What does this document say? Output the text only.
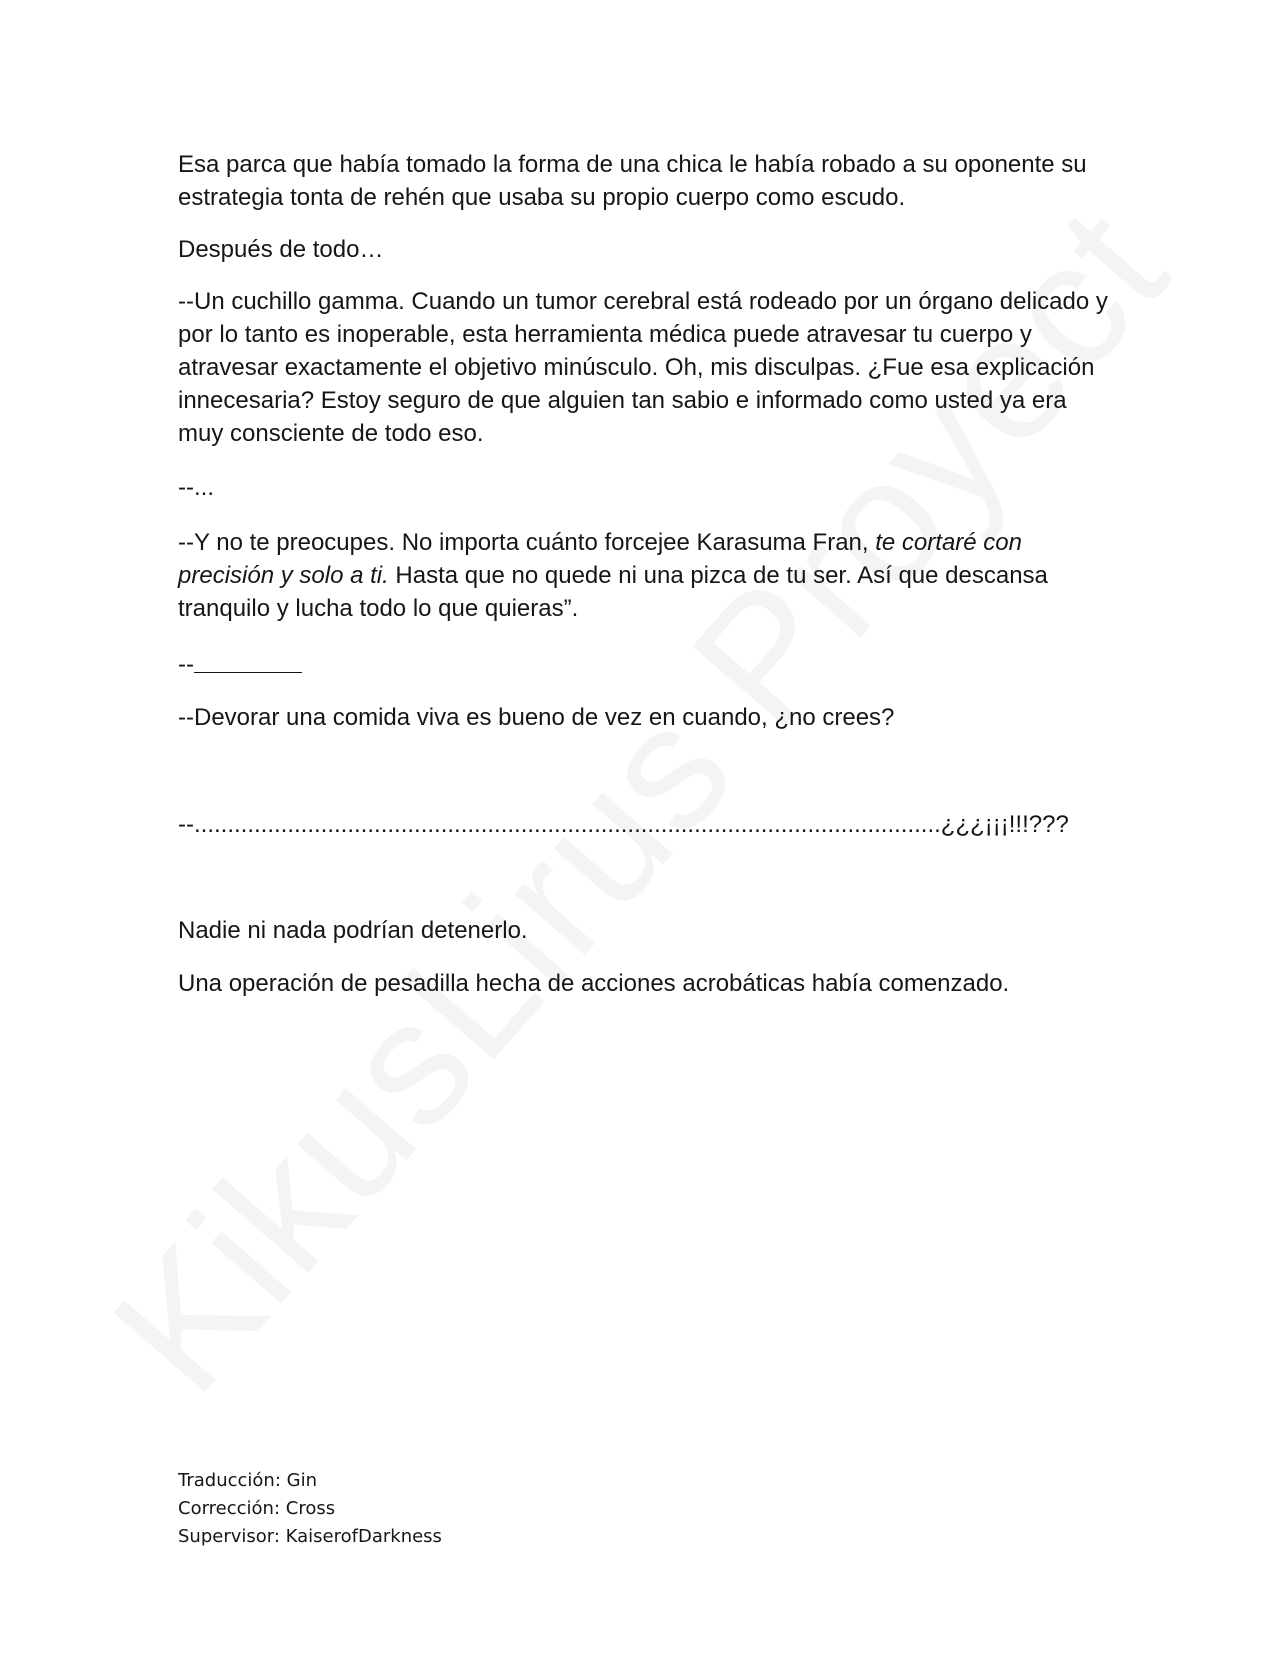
Esa parca que había tomado la forma de una chica le había robado a su oponente su estrategia tonta de rehén que usaba su propio cuerpo como escudo.

Después de todo…

--Un cuchillo gamma. Cuando un tumor cerebral está rodeado por un órgano delicado y por lo tanto es inoperable, esta herramienta médica puede atravesar tu cuerpo y atravesar exactamente el objetivo minúsculo. Oh, mis disculpas. ¿Fue esa explicación innecesaria? Estoy seguro de que alguien tan sabio e informado como usted ya era muy consciente de todo eso.

--...

--Y no te preocupes. No importa cuánto forcejee Karasuma Fran, te cortaré con precisión y solo a ti. Hasta que no quede ni una pizca de tu ser. Así que descansa tranquilo y lucha todo lo que quieras”.

--

--Devorar una comida viva es bueno de vez en cuando, ¿no crees?

--................................................................................................................¿¿¿¡¡¡!!!???

Nadie ni nada podrían detenerlo.

Una operación de pesadilla hecha de acciones acrobáticas había comenzado.

Traducción: Gin
Corrección: Cross
Supervisor: KaiserofDarkness
